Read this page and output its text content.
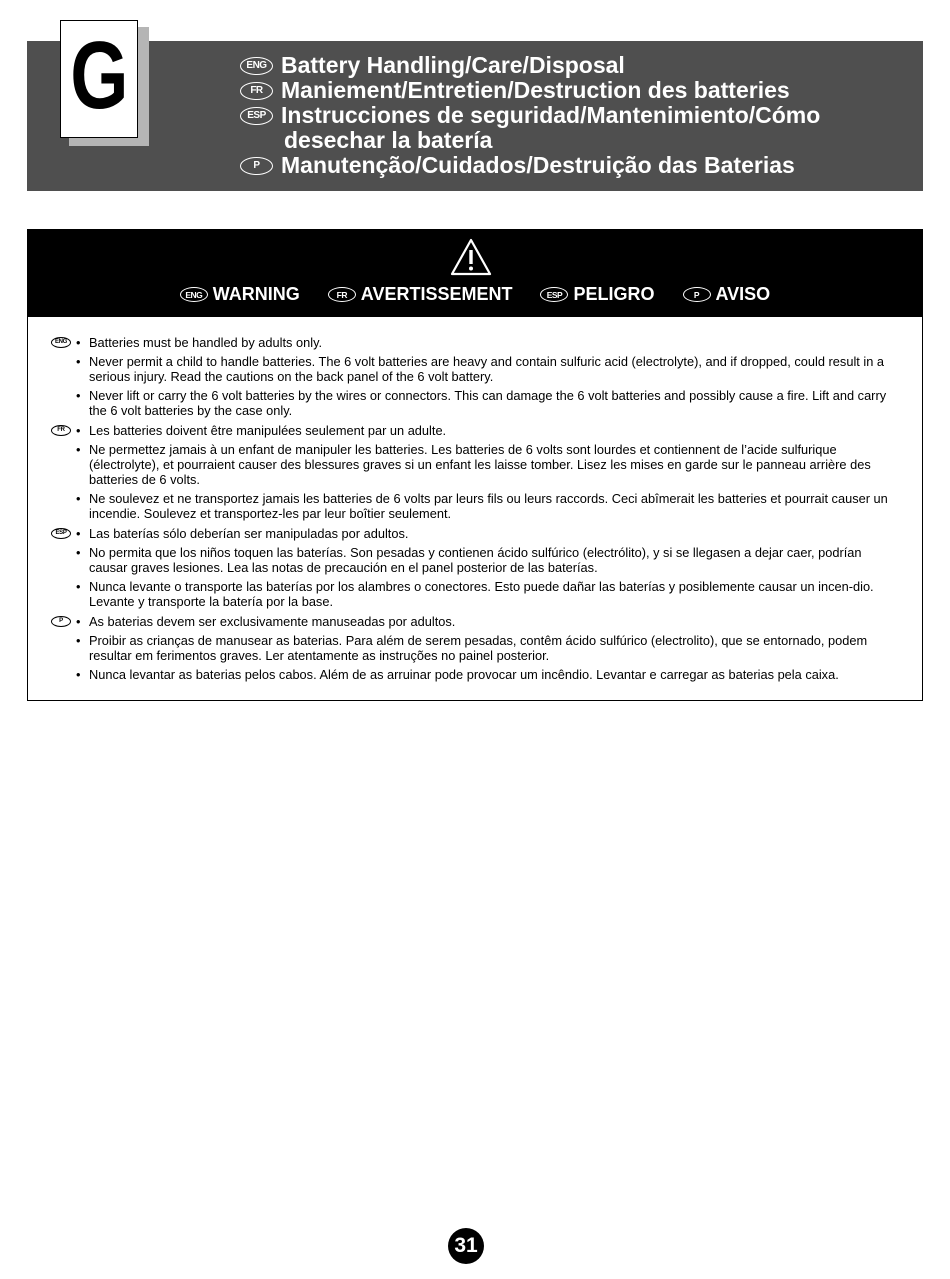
G	ENG Battery Handling/Care/Disposal
FR Maniement/Entretien/Destruction des batteries
ESP Instrucciones de seguridad/Mantenimiento/Cómo
desechar la batería
P Manutenção/Cuidados/Destruição das Baterias
ENG WARNING	FR AVERTISSEMENT	ESP PELIGRO	P AVISO
• ENG	Batteries must be handled by adults only.
• Never permit a child to handle batteries. The 6 volt batteries are heavy and contain sulfuric acid (electrolyte), and if dropped, could result in a serious injury. Read the cautions on the back panel of the 6 volt battery.
• Never lift or carry the 6 volt batteries by the wires or connectors. This can damage the 6 volt batteries and possibly cause a fire. Lift and carry the 6 volt batteries by the case only.
• FR	Les batteries doivent être manipulées seulement par un adulte.
• Ne permettez jamais à un enfant de manipuler les batteries. Les batteries de 6 volts sont lourdes et contiennent de l’acide sulfurique (électrolyte), et pourraient causer des blessures graves si un enfant les laisse tomber. Lisez les mises en garde sur le panneau arrière des batteries de 6 volts.
• Ne soulevez et ne transportez jamais les batteries de 6 volts par leurs fils ou leurs raccords. Ceci abîmerait les batteries et pourrait causer un incendie. Soulevez et transportez-les par leur boîtier seulement.
• ESP	Las baterías sólo deberían ser manipuladas por adultos.
• No permita que los niños toquen las baterías. Son pesadas y contienen ácido sulfúrico (electrólito), y si se llegasen a dejar caer, podrían causar graves lesiones. Lea las notas de precaución en el panel posterior de las baterías.
• Nunca levante o transporte las baterías por los alambres o conectores. Esto puede dañar las baterías y posiblemente causar un incen-dio. Levante y transporte la batería por la base.
• P	As baterias devem ser exclusivamente manuseadas por adultos.
• Proibir as crianças de manusear as baterias. Para além de serem pesadas, contêm ácido sulfúrico (electrolito), que se entornado, podem resultar em ferimentos graves. Ler atentamente as instruções no painel posterior.
• Nunca levantar as baterias pelos cabos. Além de as arruinar pode provocar um incêndio. Levantar e carregar as baterias pela caixa.
31
